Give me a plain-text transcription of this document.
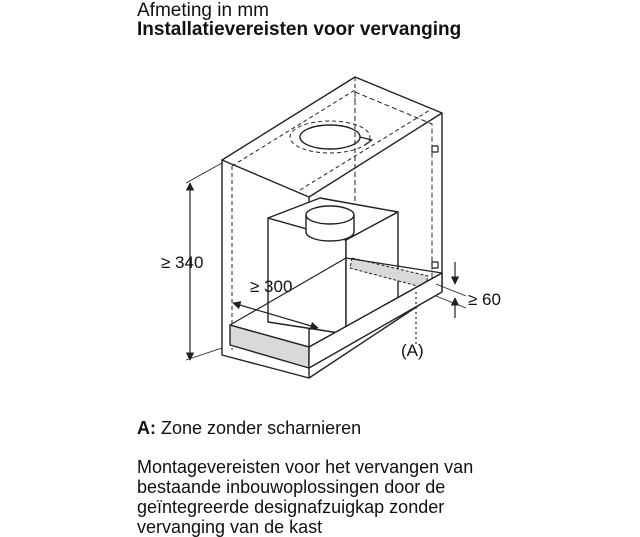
Afmeting in mm
Installatievereisten voor vervanging
≥ 340
≥ 300
≥ 60
(A)
A: Zone zonder scharnieren
Montagevereisten voor het vervangen van
bestaande inbouwoplossingen door de
geïntegreerde designafzuigkap zonder
vervanging van de kast
